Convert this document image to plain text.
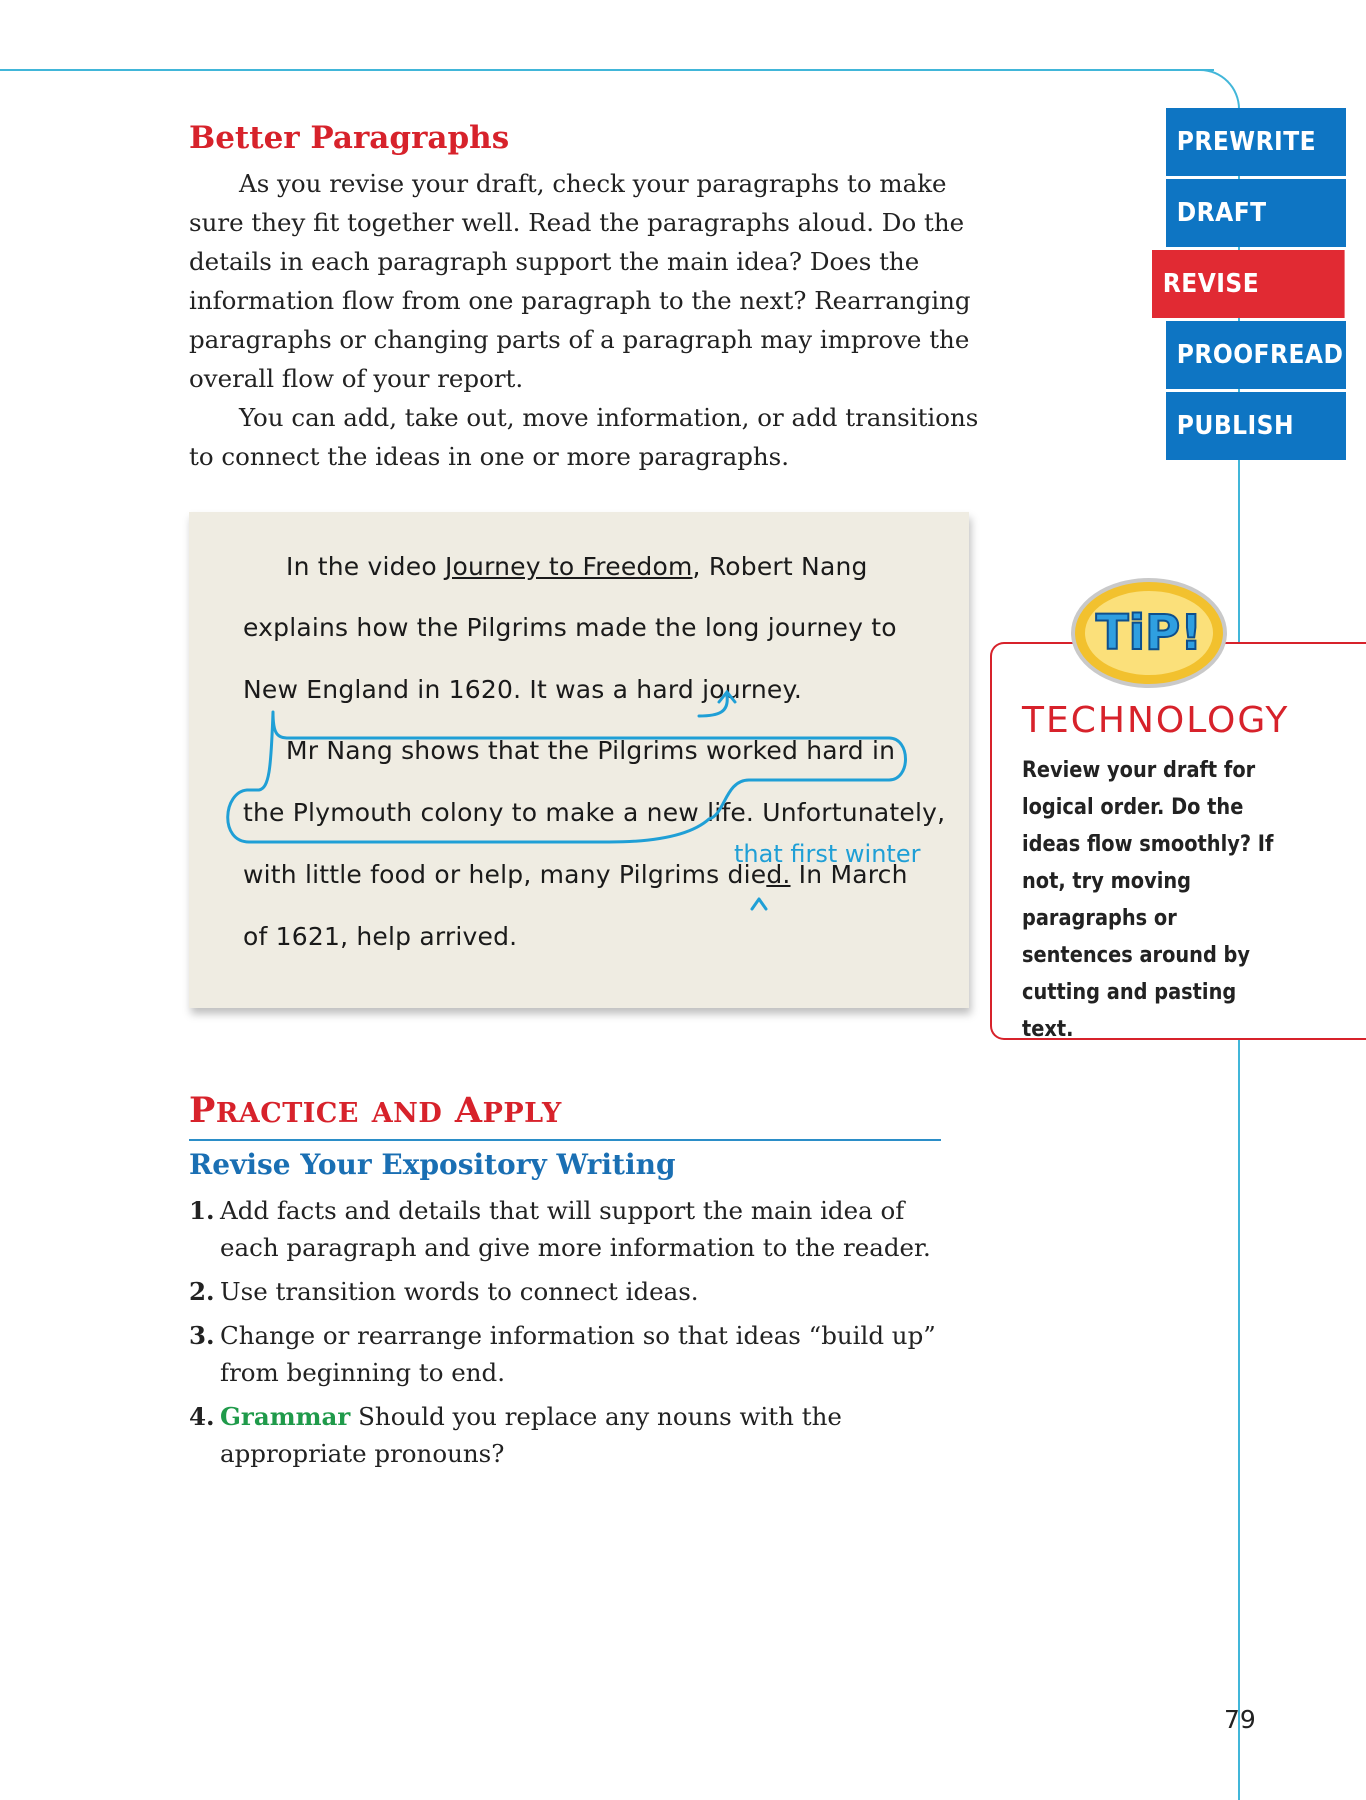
Better Paragraphs

As you revise your draft, check your paragraphs to make sure they fit together well. Read the paragraphs aloud. Do the details in each paragraph support the main idea? Does the information flow from one paragraph to the next? Rearranging paragraphs or changing parts of a paragraph may improve the overall flow of your report.

You can add, take out, move information, or add transitions to connect the ideas in one or more paragraphs.

In the video Journey to Freedom, Robert Nang
explains how the Pilgrims made the long journey to
New England in 1620. It was a hard journey.
Mr Nang shows that the Pilgrims worked hard in
the Plymouth colony to make a new life. Unfortunately,
that first winter
with little food or help, many Pilgrims died. In March
of 1621, help arrived.
PREWRITE
DRAFT
REVISE
PROOFREAD
PUBLISH
TiP!
TECHNOLOGY
Review your draft for logical order. Do the ideas flow smoothly? If not, try moving paragraphs or sentences around by cutting and pasting text.
PRACTICE AND APPLY
Revise Your Expository Writing
1. Add facts and details that will support the main idea of each paragraph and give more information to the reader.
2. Use transition words to connect ideas.
3. Change or rearrange information so that ideas “build up” from beginning to end.
4. Grammar Should you replace any nouns with the appropriate pronouns?
79
